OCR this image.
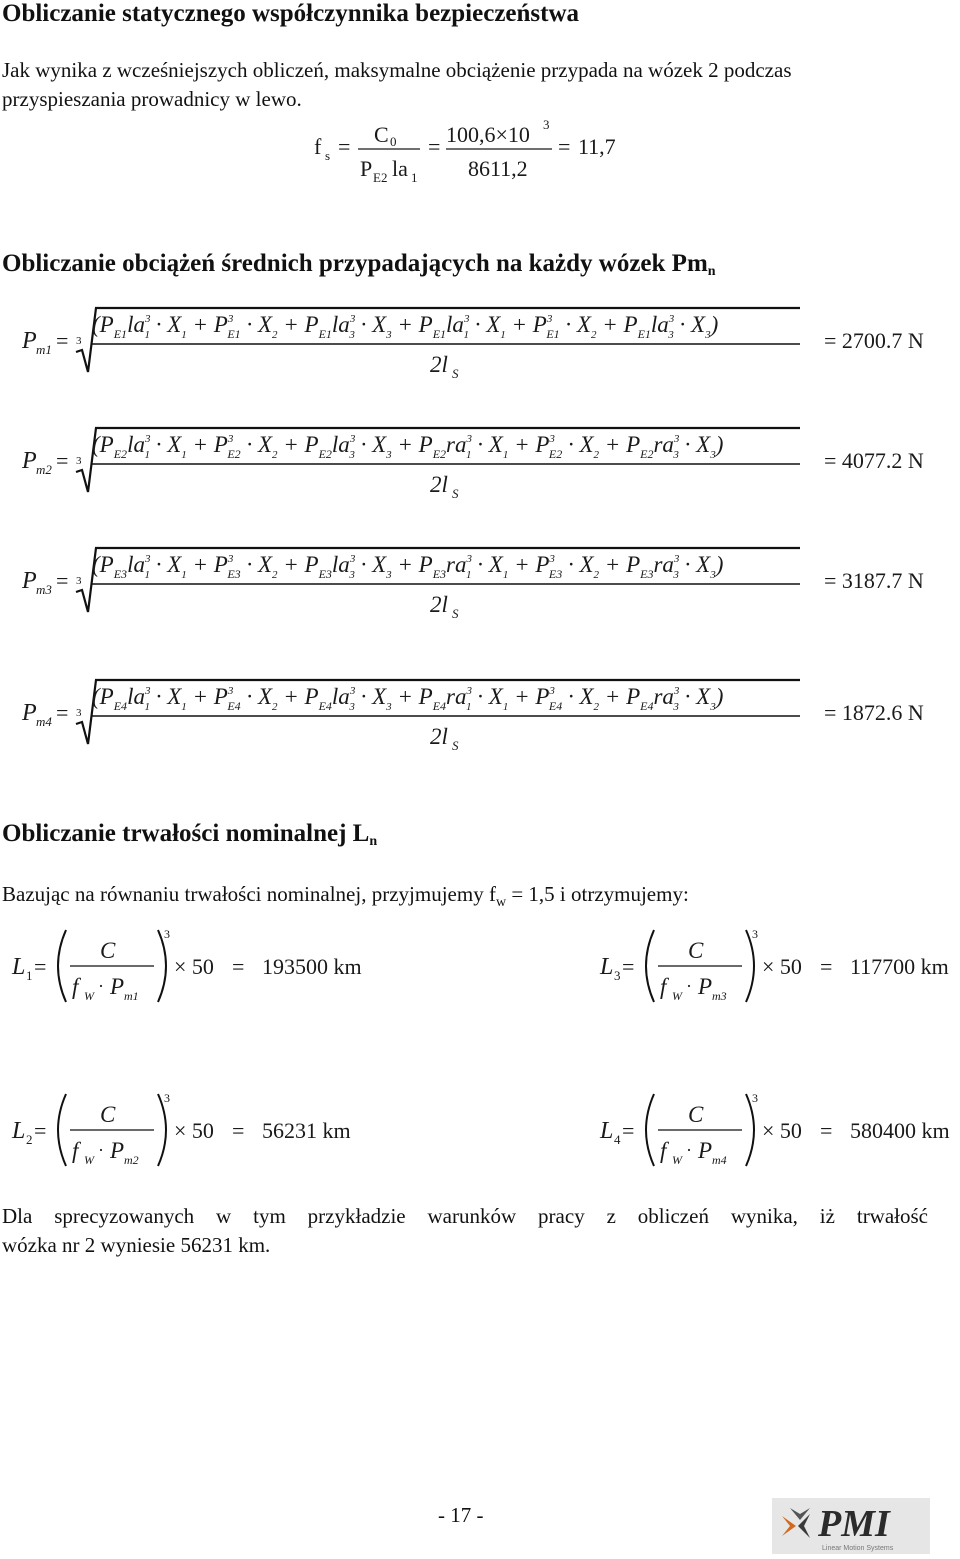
Obliczanie statycznego współczynnika bezpieczeństwa
Jak wynika z wcześniejszych obliczeń, maksymalne obciążenie przypada na wózek 2 podczas
przyspieszania prowadnicy w lewo.
f s = C 0
P E2 la 1
= 100,6×10 3
8611,2
= 11,7
Obliczanie obciążeń średnich przypadających na każdy wózek $Pm_n$
P m1 = 3
($P_{E1}la^3$ $1 \cdot X_1 + P^3$ $E1 \cdot X_2 + P_{E1}la^3$ $3 \cdot X_3 + P_{E1}la^3$ $1 \cdot X_1 + P^3$ $E1 \cdot X_2 + P_{E1}la^3$ $3 \cdot X_3$)
2l S
= 2700.7 N
P m2 = 3
($P_{E2}la^3$ $1 \cdot X_1 + P^3$ $E2 \cdot X_2 + P_{E2}la^3$ $3 \cdot X_3 + P_{E2}ra^3$ $1 \cdot X_1 + P^3$ $E2 \cdot X_2 + P_{E2}ra^3$ $3 \cdot X_3$)
2l S
= 4077.2 N
P m3 = 3
($P_{E3}la^3$ $1 \cdot X_1 + P^3$ $E3 \cdot X_2 + P_{E3}la^3$ $3 \cdot X_3 + P_{E3}ra^3$ $1 \cdot X_1 + P^3$ $E3 \cdot X_2 + P_{E3}ra^3$ $3 \cdot X_3$)
2l S
= 3187.7 N
P m4 = 3
($P_{E4}la^3$ $1 \cdot X_1 + P^3$ $E4 \cdot X_2 + P_{E4}la^3$ $3 \cdot X_3 + P_{E4}ra^3$ $1 \cdot X_1 + P^3$ $E4 \cdot X_2 + P_{E4}ra^3$ $3 \cdot X_3$)
2l S
= 1872.6 N
Obliczanie trwałości nominalnej $L_n$
Bazując na równaniu trwałości nominalnej, przyjmujemy $f_w = 1,5$ i otrzymujemy:
L 1 =
C
f W · P m1
3
× 50 = 193500 km	L 3 =
C
f W · P m3
3
× 50 = 117700 km
L 2 =
C
f W · P m2
3
× 50 = 56231 km	L 4 =
C
f W · P m4
3
× 50 = 580400 km
Dla sprecyzowanych w tym przykładzie warunków pracy z obliczeń wynika, iż trwałość
wózka nr 2 wyniesie 56231 km.
- 17 -	PMI
Linear Motion Systems
